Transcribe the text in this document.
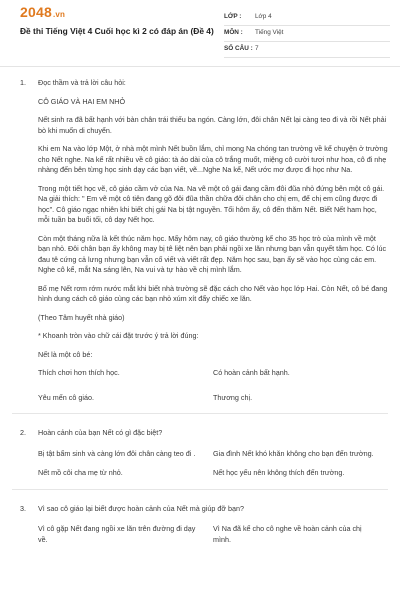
2048.vn
Đề thi Tiếng Việt 4 Cuối học kì 2 có đáp án (Đề 4)
LỚP : Lớp 4
MÔN : Tiếng Việt
SỐ CÂU : 7
1. Đọc thầm và trả lời câu hỏi:
CÔ GIÁO VÀ HAI EM NHỎ
Nết sinh ra đã bất hạnh với bàn chân trái thiếu ba ngón. Càng lớn, đôi chân Nết lại càng teo đi và rồi Nết phải bò khi muốn di chuyển.
Khi em Na vào lớp Một, ở nhà một mình Nết buồn lắm, chỉ mong Na chóng tan trường về kể chuyện ở trường cho Nết nghe. Na kể rất nhiều về cô giáo: tà áo dài của cô trắng muốt, miệng cô cười tươi như hoa, cô đi nhẹ nhàng đến bên từng học sinh dạy các bạn viết, vẽ...Nghe Na kể, Nết ước mơ được đi học như Na.
Trong một tiết học vẽ, cô giáo cầm vở của Na. Na vẽ một cô gái đang cầm đôi đũa nhỏ đứng bên một cô gái. Na giải thích: " Em vẽ một cô tiên đang gõ đôi đũa thần chữa đôi chân cho chị em, để chị em cũng được đi học". Cô giáo ngạc nhiên khi biết chị gái Na bị tật nguyền. Tối hôm ấy, cô đến thăm Nết. Biết Nết ham học, mỗi tuần ba buổi tối, cô dạy Nết học.
Còn một tháng nữa là kết thúc năm học. Mấy hôm nay, cô giáo thường kể cho 35 học trò của mình về một bạn nhỏ. Đôi chân bạn ấy không may bị tê liệt nên bạn phải ngồi xe lăn nhưng bạn vẫn quyết tâm học. Có lúc đau tê cứng cả lưng nhưng bạn vẫn cố viết và viết rất đẹp. Năm học sau, bạn ấy sẽ vào học cùng các em. Nghe cô kể, mắt Na sáng lên, Na vui và tự hào về chị mình lắm.
Bố mẹ Nết rơm rớm nước mắt khi biết nhà trường sẽ đặc cách cho Nết vào học lớp Hai. Còn Nết, cô bé đang hình dung cách cô giáo cùng các bạn nhỏ xúm xít đẩy chiếc xe lăn.
(Theo Tâm huyết nhà giáo)
* Khoanh tròn vào chữ cái đặt trước ý trả lời đúng:
Nết là một cô bé:
Thích chơi hơn thích học.	Có hoàn cảnh bất hạnh.
Yêu mến cô giáo.	Thương chị.
2. Hoàn cảnh của bạn Nết có gì đặc biệt?
Bị tật bẩm sinh và càng lớn đôi chân càng teo đi .	Gia đình Nết khó khăn không cho bạn đến trường.
Nết mồ côi cha mẹ từ nhỏ.	Nết học yếu nên không thích đến trường.
3. Vì sao cô giáo lại biết được hoàn cảnh của Nết mà giúp đỡ bạn?
Vì cô gặp Nết đang ngồi xe lăn trên đường đi dạy về.
Vì Na đã kể cho cô nghe về hoàn cảnh của chị mình.
